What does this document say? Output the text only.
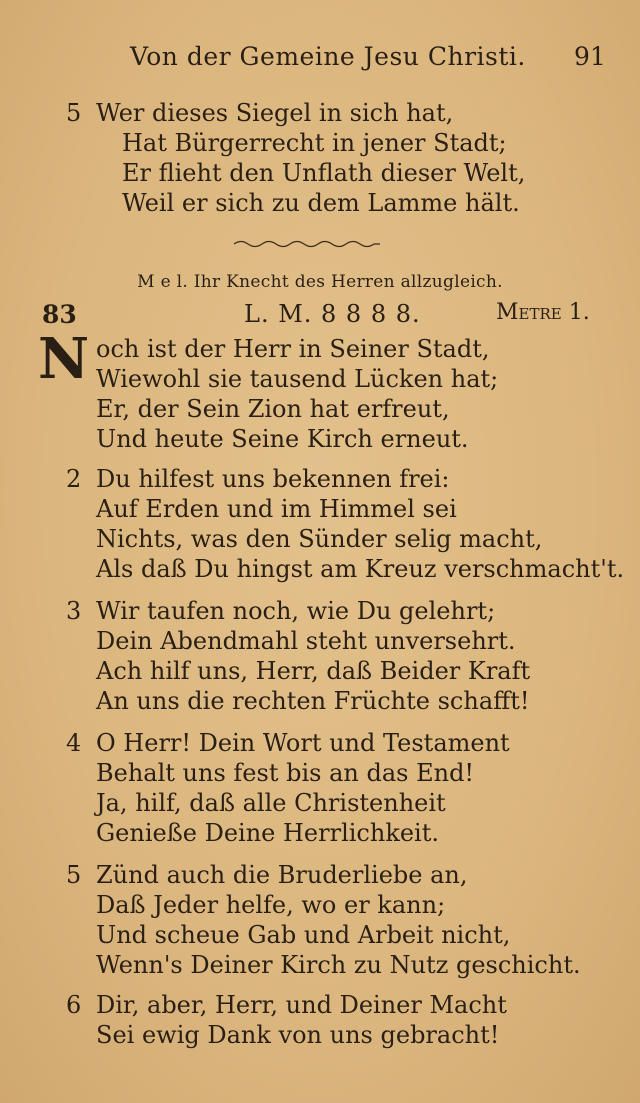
Von der Gemeine Jesu Christi. 91
5 Wer dieses Siegel in sich hat,
Hat Bürgerrecht in jener Stadt;
Er flieht den Unflath dieser Welt,
Weil er sich zu dem Lamme hält.
M e l. Ihr Knecht des Herren allzugleich.
83	L. M. 8 8 8 8.	Metre 1.
N och ist der Herr in Seiner Stadt,
Wiewohl sie tausend Lücken hat;
Er, der Sein Zion hat erfreut,
Und heute Seine Kirch erneut.
2 Du hilfest uns bekennen frei:
Auf Erden und im Himmel sei
Nichts, was den Sünder selig macht,
Als daß Du hingst am Kreuz verschmacht't.
3 Wir taufen noch, wie Du gelehrt;
Dein Abendmahl steht unversehrt.
Ach hilf uns, Herr, daß Beider Kraft
An uns die rechten Früchte schafft!
4 O Herr! Dein Wort und Testament
Behalt uns fest bis an das End!
Ja, hilf, daß alle Christenheit
Genieße Deine Herrlichkeit.
5 Zünd auch die Bruderliebe an,
Daß Jeder helfe, wo er kann;
Und scheue Gab und Arbeit nicht,
Wenn's Deiner Kirch zu Nutz geschicht.
6 Dir, aber, Herr, und Deiner Macht
Sei ewig Dank von uns gebracht!
